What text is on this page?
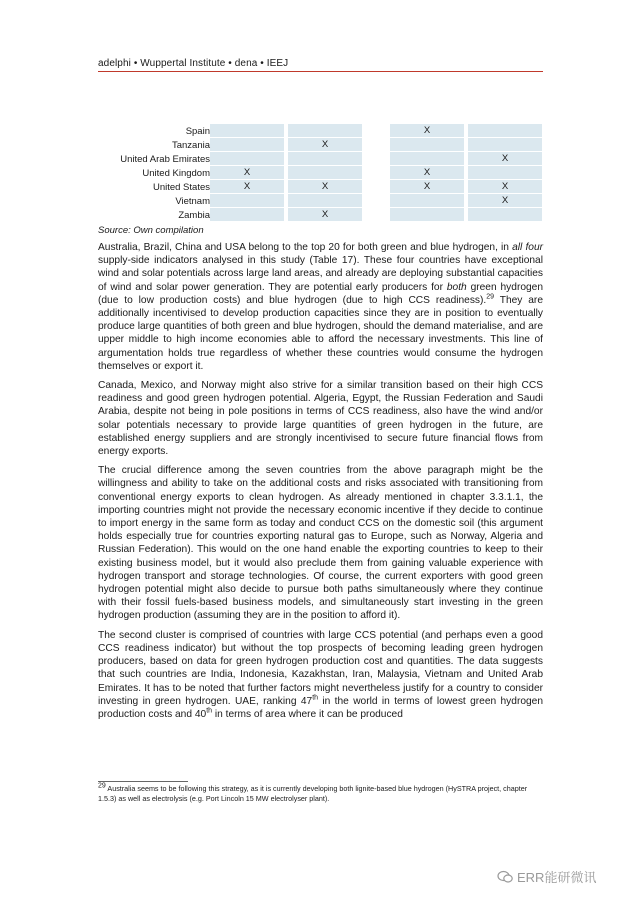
adelphi • Wuppertal Institute • dena • IEEJ
Spain				X	
Tanzania		X			
United Arab Emirates					X
United Kingdom	X			X	
United States	X	X		X	X
Vietnam					X
Zambia		X			
Source: Own compilation

Australia, Brazil, China and USA belong to the top 20 for both green and blue hydrogen, in all four supply-side indicators analysed in this study (Table 17). These four countries have exceptional wind and solar potentials across large land areas, and already are deploying substantial capacities of wind and solar power generation. They are potential early producers for both green hydrogen (due to low production costs) and blue hydrogen (due to high CCS readiness).$^{29}$ They are additionally incentivised to develop production capacities since they are in position to eventually produce large quantities of both green and blue hydrogen, should the demand materialise, and are upper middle to high income economies able to afford the necessary investments. This line of argumentation holds true regardless of whether these countries would consume the hydrogen themselves or export it.

Canada, Mexico, and Norway might also strive for a similar transition based on their high CCS readiness and good green hydrogen potential. Algeria, Egypt, the Russian Federation and Saudi Arabia, despite not being in pole positions in terms of CCS readiness, also have the wind and/or solar potentials necessary to provide large quantities of green hydrogen in the future, are established energy suppliers and are strongly incentivised to secure future financial flows from energy exports.

The crucial difference among the seven countries from the above paragraph might be the willingness and ability to take on the additional costs and risks associated with transitioning from conventional energy exports to clean hydrogen. As already mentioned in chapter 3.3.1.1, the importing countries might not provide the necessary economic incentive if they decide to continue to import energy in the same form as today and conduct CCS on the domestic soil (this argument holds especially true for countries exporting natural gas to Europe, such as Norway, Algeria and Russian Federation). This would on the one hand enable the exporting countries to keep to their existing business model, but it would also preclude them from gaining valuable experience with hydrogen transport and storage technologies. Of course, the current exporters with good green hydrogen potential might also decide to pursue both paths simultaneously where they continue with their fossil fuels-based business models, and simultaneously start investing in the green hydrogen production (assuming they are in the position to afford it).

The second cluster is comprised of countries with large CCS potential (and perhaps even a good CCS readiness indicator) but without the top prospects of becoming leading green hydrogen producers, based on data for green hydrogen production cost and quantities. The data suggests that such countries are India, Indonesia, Kazakhstan, Iran, Malaysia, Vietnam and United Arab Emirates. It has to be noted that further factors might nevertheless justify for a country to consider investing in green hydrogen. UAE, ranking 47th in the world in terms of lowest green hydrogen production costs and 40th in terms of area where it can be produced

$^{29}$ Australia seems to be following this strategy, as it is currently developing both lignite-based blue hydrogen (HySTRA project, chapter 1.5.3) as well as electrolysis (e.g. Port Lincoln 15 MW electrolyser plant).
ERR能研微讯
